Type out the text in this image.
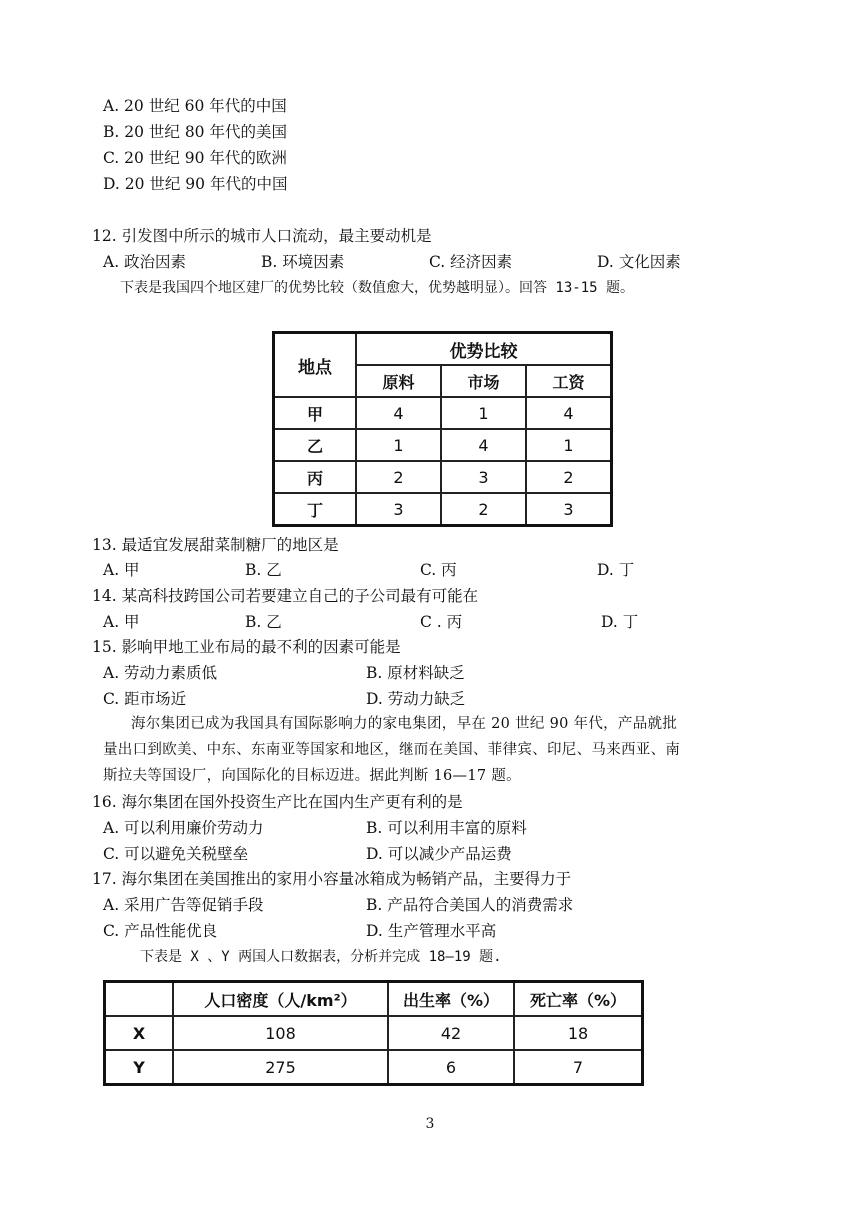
A. 20 世纪 60 年代的中国
B. 20 世纪 80 年代的美国
C. 20 世纪 90 年代的欧洲
D. 20 世纪 90 年代的中国
12. 引发图中所示的城市人口流动，最主要动机是
A. 政治因素	B. 环境因素	C. 经济因素	D. 文化因素
下表是我国四个地区建厂的优势比较（数值愈大，优势越明显）。回答 13-15 题。
地点	优势比较		
	原料	市场	工资
甲	4	1	4
乙	1	4	1
丙	2	3	2
丁	3	2	3
13. 最适宜发展甜菜制糖厂的地区是
A. 甲	B. 乙	C. 丙	D. 丁
14. 某高科技跨国公司若要建立自己的子公司最有可能在
A. 甲	B. 乙	C . 丙	D. 丁
15. 影响甲地工业布局的最不利的因素可能是
A. 劳动力素质低	B. 原材料缺乏
C. 距市场近	D. 劳动力缺乏
海尔集团已成为我国具有国际影响力的家电集团，早在 20 世纪 90 年代，产品就批
量出口到欧美、中东、东南亚等国家和地区，继而在美国、菲律宾、印尼、马来西亚、南
斯拉夫等国设厂，向国际化的目标迈进。据此判断 16—17 题。
16. 海尔集团在国外投资生产比在国内生产更有利的是
A. 可以利用廉价劳动力	B. 可以利用丰富的原料
C. 可以避免关税壁垒	D. 可以减少产品运费
17. 海尔集团在美国推出的家用小容量冰箱成为畅销产品，主要得力于
A. 采用广告等促销手段	B. 产品符合美国人的消费需求
C. 产品性能优良	D. 生产管理水平高
下表是 X 、Y 两国人口数据表，分析并完成 18—19 题.
	人口密度（人/km²）	出生率（%）	死亡率（%）
X	108	42	18
Y	275	6	7
3
